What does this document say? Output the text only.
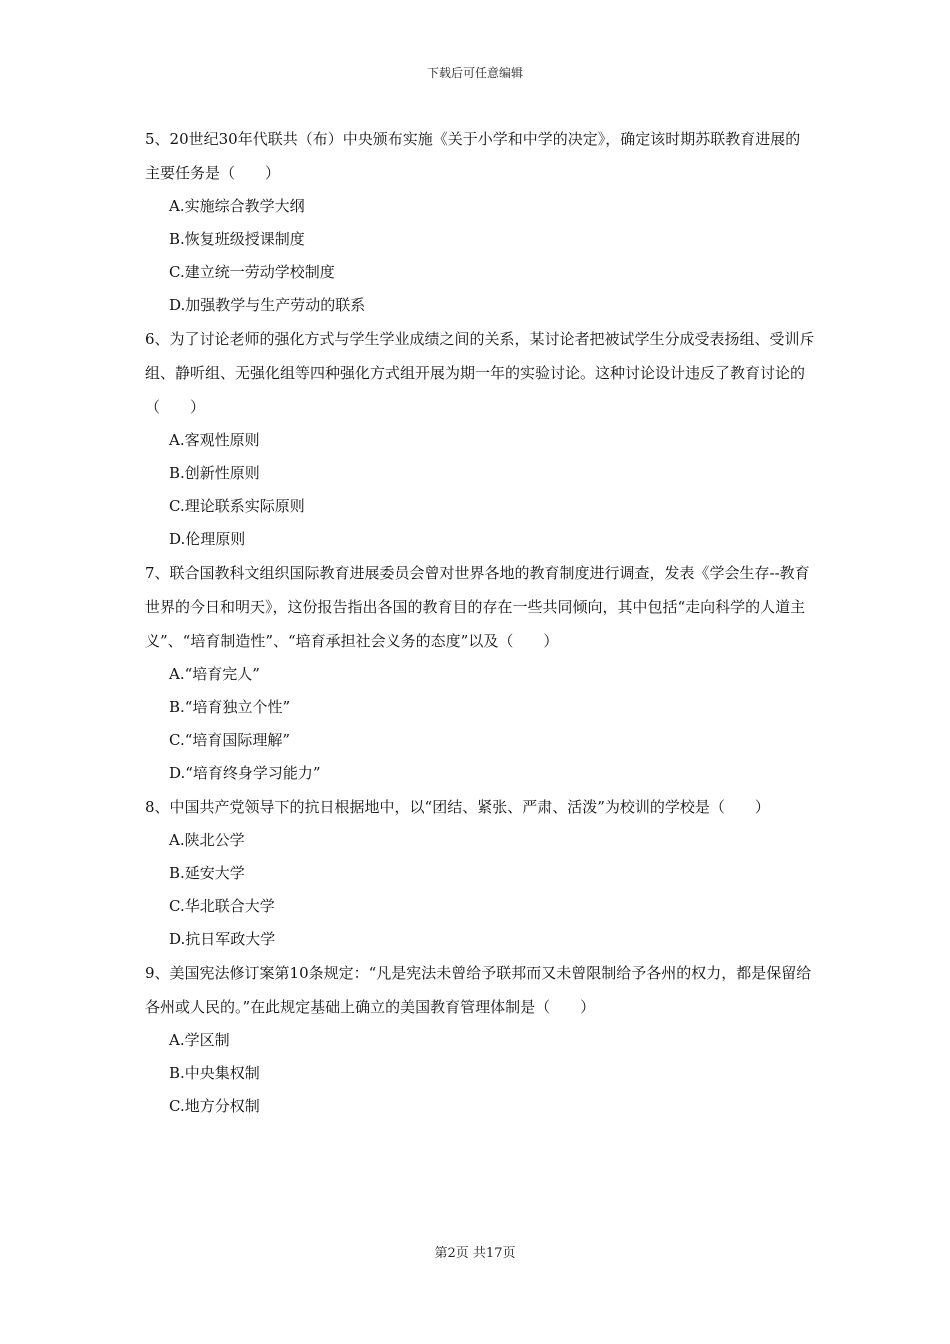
下载后可任意编辑

5、20世纪30年代联共（布）中央颁布实施《关于小学和中学的决定》，确定该时期苏联教育进展的主要任务是（　　）

A.实施综合教学大纲

B.恢复班级授课制度

C.建立统一劳动学校制度

D.加强教学与生产劳动的联系

6、为了讨论老师的强化方式与学生学业成绩之间的关系，某讨论者把被试学生分成受表扬组、受训斥组、静听组、无强化组等四种强化方式组开展为期一年的实验讨论。这种讨论设计违反了教育讨论的（　　）

A.客观性原则

B.创新性原则

C.理论联系实际原则

D.伦理原则

7、联合国教科文组织国际教育进展委员会曾对世界各地的教育制度进行调查，发表《学会生存--教育世界的今日和明天》，这份报告指出各国的教育目的存在一些共同倾向，其中包括“走向科学的人道主义”、“培育制造性”、“培育承担社会义务的态度”以及（　　）

A.“培育完人”

B.“培育独立个性”

C.“培育国际理解”

D.“培育终身学习能力”

8、中国共产党领导下的抗日根据地中，以“团结、紧张、严肃、活泼”为校训的学校是（　　）

A.陕北公学

B.延安大学

C.华北联合大学

D.抗日军政大学

9、美国宪法修订案第10条规定：“凡是宪法未曾给予联邦而又未曾限制给予各州的权力，都是保留给各州或人民的。”在此规定基础上确立的美国教育管理体制是（　　）

A.学区制

B.中央集权制

C.地方分权制

第2页 共17页
